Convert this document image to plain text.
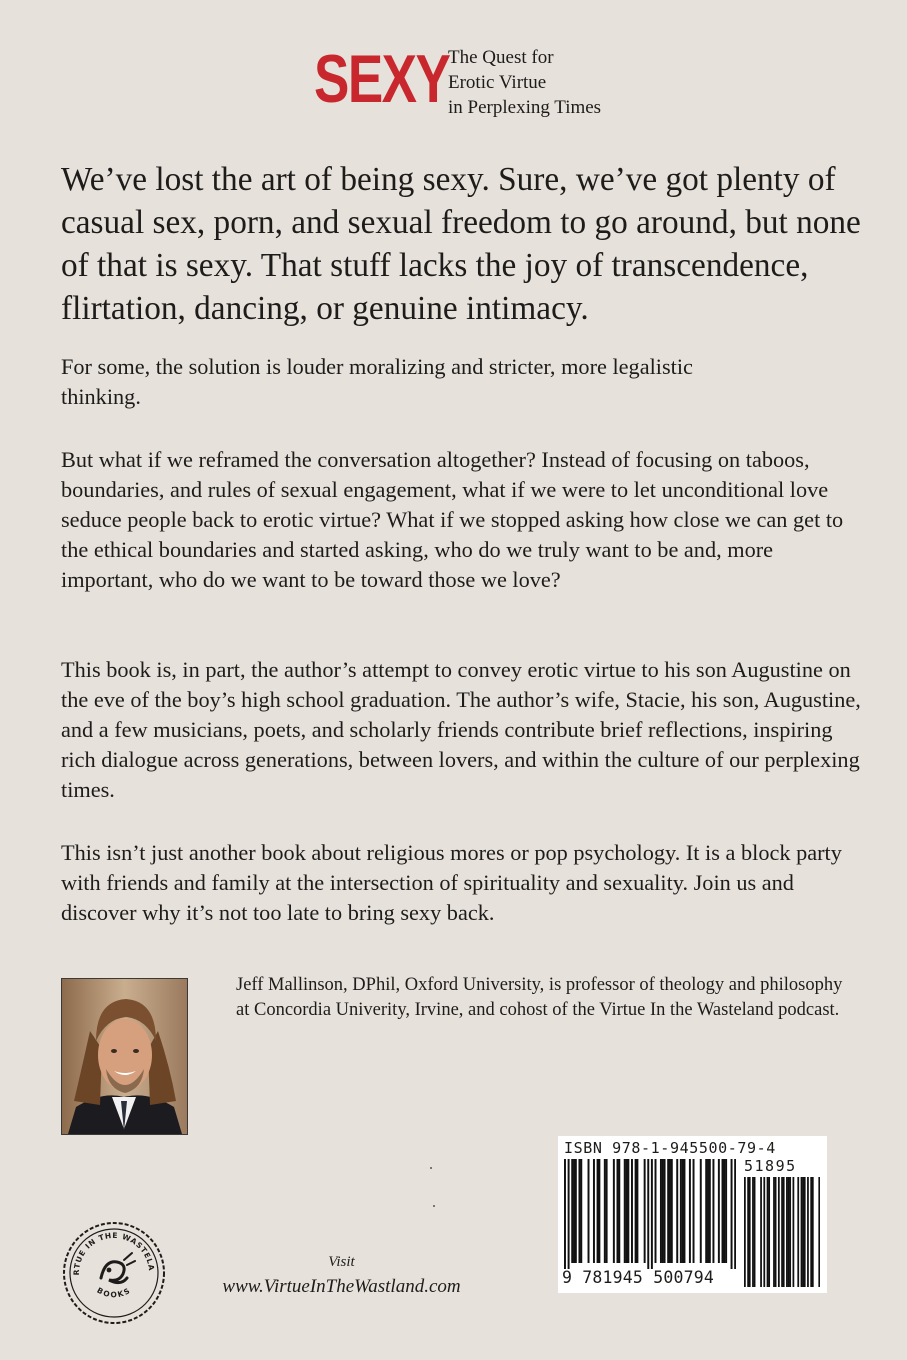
SEXY
The Quest for
Erotic Virtue
in Perplexing Times

We’ve lost the art of being sexy. Sure, we’ve got plenty of casual sex, porn, and sexual freedom to go around, but none of that is sexy. That stuff lacks the joy of transcendence, flirtation, dancing, or genuine intimacy.

For some, the solution is louder moralizing and stricter, more legalistic thinking.

But what if we reframed the conversation altogether? Instead of focusing on taboos, boundaries, and rules of sexual engagement, what if we were to let unconditional love seduce people back to erotic virtue? What if we stopped asking how close we can get to the ethical boundaries and started asking, who do we truly want to be and, more important, who do we want to be toward those we love?

This book is, in part, the author’s attempt to convey erotic virtue to his son Augustine on the eve of the boy’s high school graduation. The author’s wife, Stacie, his son, Augustine, and a few musicians, poets, and scholarly friends contribute brief reflections, inspiring rich dialogue across generations, between lovers, and within the culture of our perplexing times.

This isn’t just another book about religious mores or pop psychology. It is a block party with friends and family at the intersection of spirituality and sexuality. Join us and discover why it’s not too late to bring sexy back.

Jeff Mallinson, DPhil, Oxford University, is professor of theology and philosophy at Concordia Univerity, Irvine, and cohost of the Virtue In the Wasteland podcast.

RTUE IN THE WASTELA
BOOKS
Visit
www.VirtueInTheWastland.com
ISBN 978-1-945500-79-4
51895
9 781945 500794
